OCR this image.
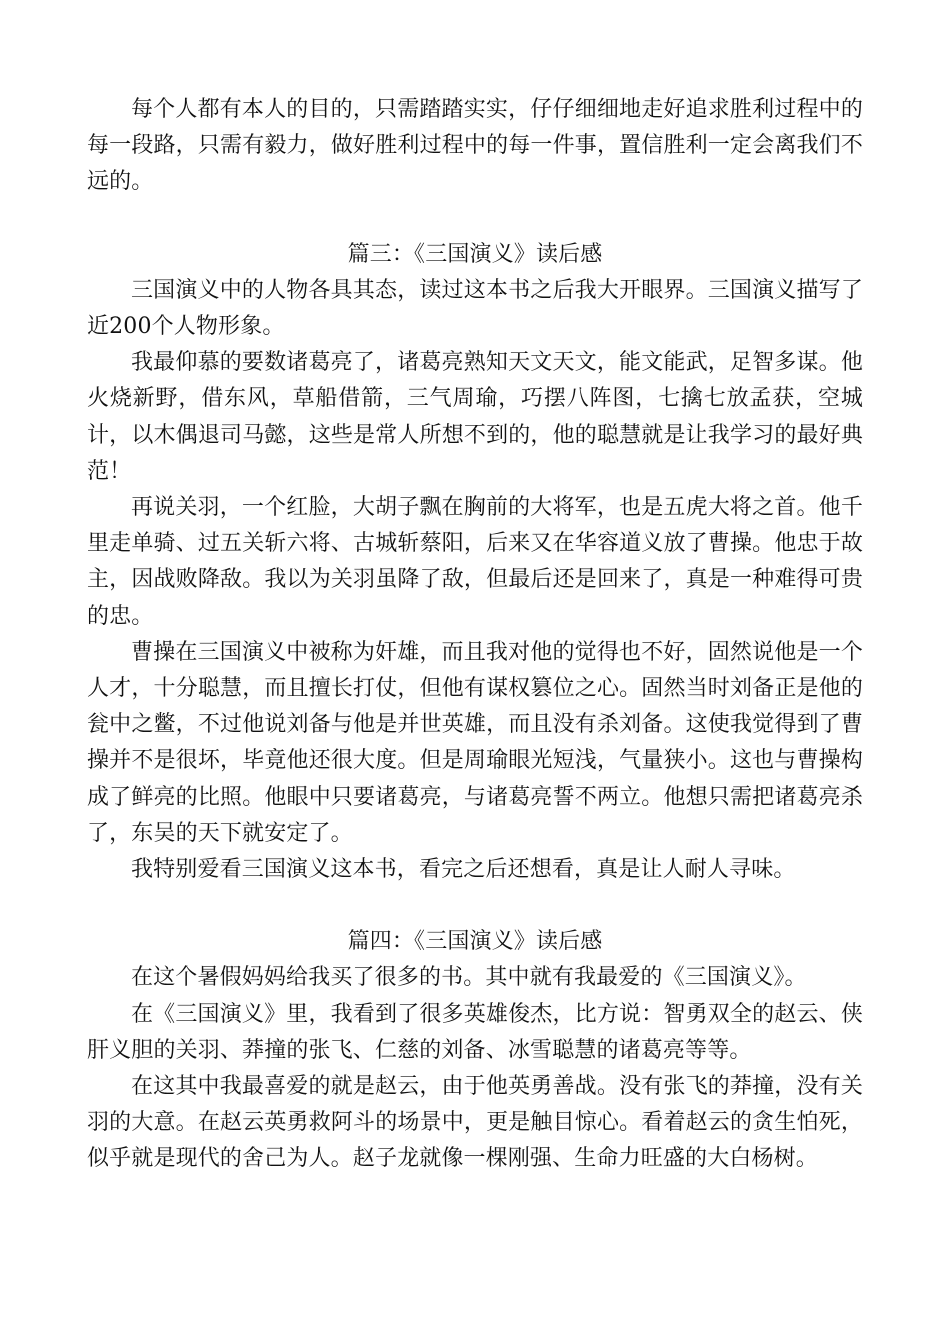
每个人都有本人的目的，只需踏踏实实，仔仔细细地走好追求胜利过程中的每一段路，只需有毅力，做好胜利过程中的每一件事，置信胜利一定会离我们不远的。

篇三：《三国演义》读后感

三国演义中的人物各具其态，读过这本书之后我大开眼界。三国演义描写了近200个人物形象。

我最仰慕的要数诸葛亮了，诸葛亮熟知天文天文，能文能武，足智多谋。他火烧新野，借东风，草船借箭，三气周瑜，巧摆八阵图，七擒七放孟获，空城计，以木偶退司马懿，这些是常人所想不到的，他的聪慧就是让我学习的最好典范！

再说关羽，一个红脸，大胡子飘在胸前的大将军，也是五虎大将之首。他千里走单骑、过五关斩六将、古城斩蔡阳，后来又在华容道义放了曹操。他忠于故主，因战败降敌。我以为关羽虽降了敌，但最后还是回来了，真是一种难得可贵的忠。

曹操在三国演义中被称为奸雄，而且我对他的觉得也不好，固然说他是一个人才，十分聪慧，而且擅长打仗，但他有谋权篡位之心。固然当时刘备正是他的瓮中之鳖，不过他说刘备与他是并世英雄，而且没有杀刘备。这使我觉得到了曹操并不是很坏，毕竟他还很大度。但是周瑜眼光短浅，气量狭小。这也与曹操构成了鲜亮的比照。他眼中只要诸葛亮，与诸葛亮誓不两立。他想只需把诸葛亮杀了，东吴的天下就安定了。

我特别爱看三国演义这本书，看完之后还想看，真是让人耐人寻味。

篇四：《三国演义》读后感

在这个暑假妈妈给我买了很多的书。其中就有我最爱的《三国演义》。

在《三国演义》里，我看到了很多英雄俊杰，比方说：智勇双全的赵云、侠肝义胆的关羽、莽撞的张飞、仁慈的刘备、冰雪聪慧的诸葛亮等等。

在这其中我最喜爱的就是赵云，由于他英勇善战。没有张飞的莽撞，没有关羽的大意。在赵云英勇救阿斗的场景中，更是触目惊心。看着赵云的贪生怕死，似乎就是现代的舍己为人。赵子龙就像一棵刚强、生命力旺盛的大白杨树。
